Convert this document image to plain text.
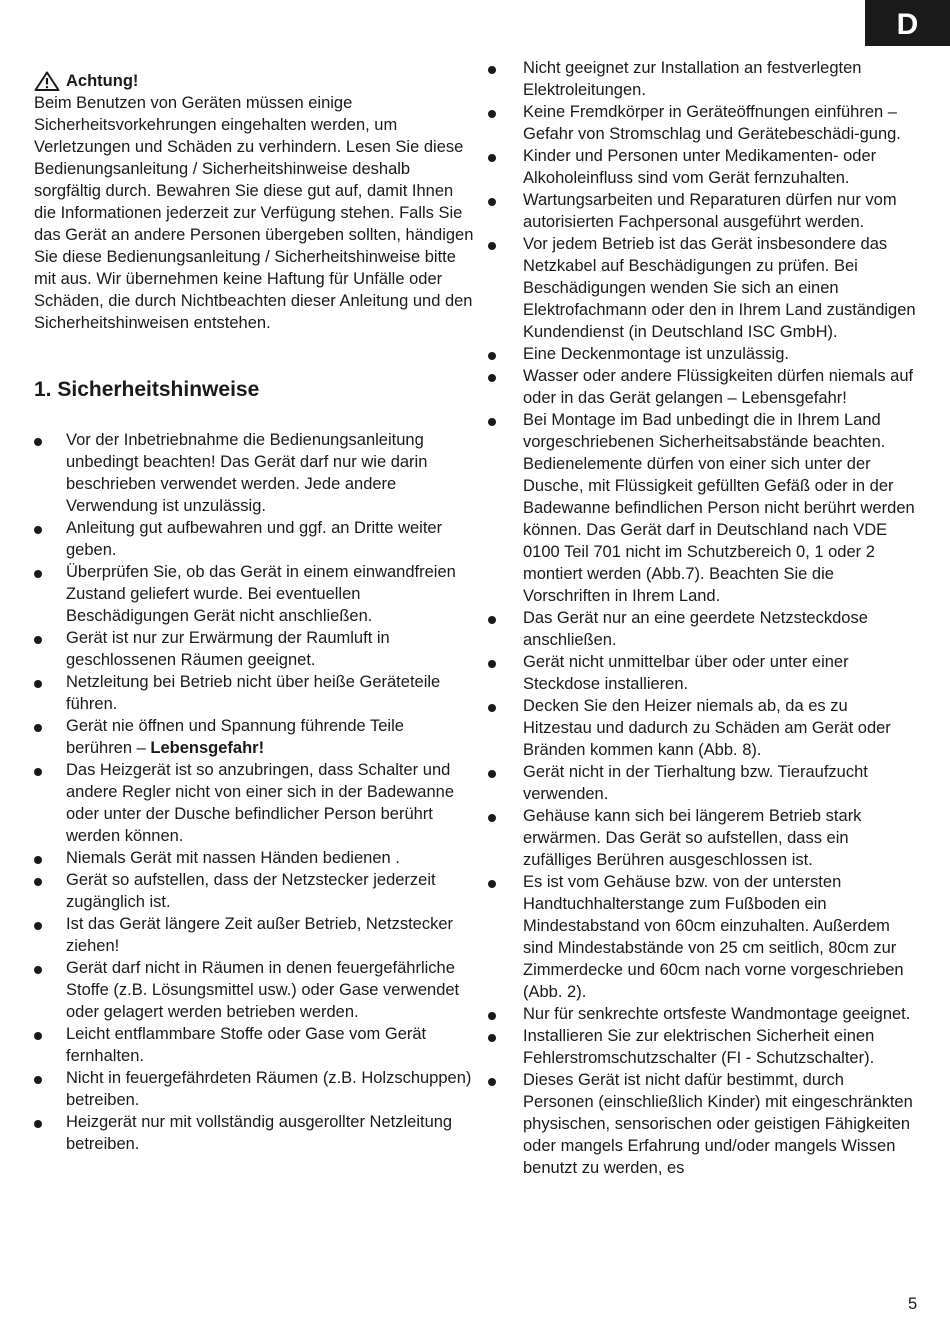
D
Achtung!

Beim Benutzen von Geräten müssen einige Sicherheitsvorkehrungen eingehalten werden, um Verletzungen und Schäden zu verhindern. Lesen Sie diese Bedienungsanleitung / Sicherheitshinweise deshalb sorgfältig durch. Bewahren Sie diese gut auf, damit Ihnen die Informationen jederzeit zur Verfügung stehen. Falls Sie das Gerät an andere Personen übergeben sollten, händigen Sie diese Bedienungsanleitung / Sicherheitshinweise bitte mit aus. Wir übernehmen keine Haftung für Unfälle oder Schäden, die durch Nichtbeachten dieser Anleitung und den Sicherheitshinweisen entstehen.

1. Sicherheitshinweise
Vor der Inbetriebnahme die Bedienungsanleitung unbedingt beachten! Das Gerät darf nur wie darin beschrieben verwendet werden. Jede andere Verwendung ist unzulässig.
Anleitung gut aufbewahren und ggf. an Dritte weiter geben.
Überprüfen Sie, ob das Gerät in einem einwandfreien Zustand geliefert wurde. Bei eventuellen Beschädigungen Gerät nicht anschließen.
Gerät ist nur zur Erwärmung der Raumluft in geschlossenen Räumen geeignet.
Netzleitung bei Betrieb nicht über heiße Geräteteile führen.
Gerät nie öffnen und Spannung führende Teile berühren – Lebensgefahr!
Das Heizgerät ist so anzubringen, dass Schalter und andere Regler nicht von einer sich in der Badewanne oder unter der Dusche befindlicher Person berührt werden können.
Niemals Gerät mit nassen Händen bedienen .
Gerät so aufstellen, dass der Netzstecker jederzeit zugänglich ist.
Ist das Gerät längere Zeit außer Betrieb, Netzstecker ziehen!
Gerät darf nicht in Räumen in denen feuergefährliche Stoffe (z.B. Lösungsmittel usw.) oder Gase verwendet oder gelagert werden betrieben werden.
Leicht entflammbare Stoffe oder Gase vom Gerät fernhalten.
Nicht in feuergefährdeten Räumen (z.B. Holzschuppen) betreiben.
Heizgerät nur mit vollständig ausgerollter Netzleitung betreiben.
Nicht geeignet zur Installation an festverlegten Elektroleitungen.
Keine Fremdkörper in Geräteöffnungen einführen – Gefahr von Stromschlag und Gerätebeschädi-gung.
Kinder und Personen unter Medikamenten- oder Alkoholeinfluss sind vom Gerät fernzuhalten.
Wartungsarbeiten und Reparaturen dürfen nur vom autorisierten Fachpersonal ausgeführt werden.
Vor jedem Betrieb ist das Gerät insbesondere das Netzkabel auf Beschädigungen zu prüfen. Bei Beschädigungen wenden Sie sich an einen Elektrofachmann oder den in Ihrem Land zuständigen Kundendienst (in Deutschland ISC GmbH).
Eine Deckenmontage ist unzulässig.
Wasser oder andere Flüssigkeiten dürfen niemals auf oder in das Gerät gelangen – Lebensgefahr!
Bei Montage im Bad unbedingt die in Ihrem Land vorgeschriebenen Sicherheitsabstände beachten. Bedienelemente dürfen von einer sich unter der Dusche, mit Flüssigkeit gefüllten Gefäß oder in der Badewanne befindlichen Person nicht berührt werden können. Das Gerät darf in Deutschland nach VDE 0100 Teil 701 nicht im Schutzbereich 0, 1 oder 2 montiert werden (Abb.7). Beachten Sie die Vorschriften in Ihrem Land.
Das Gerät nur an eine geerdete Netzsteckdose anschließen.
Gerät nicht unmittelbar über oder unter einer Steckdose installieren.
Decken Sie den Heizer niemals ab, da es zu Hitzestau und dadurch zu Schäden am Gerät oder Bränden kommen kann (Abb. 8).
Gerät nicht in der Tierhaltung bzw. Tieraufzucht verwenden.
Gehäuse kann sich bei längerem Betrieb stark erwärmen. Das Gerät so aufstellen, dass ein zufälliges Berühren ausgeschlossen ist.
Es ist vom Gehäuse bzw. von der untersten Handtuchhalterstange zum Fußboden ein Mindestabstand von 60cm einzuhalten. Außerdem sind Mindestabstände von 25 cm seitlich, 80cm zur Zimmerdecke und 60cm nach vorne vorgeschrieben (Abb. 2).
Nur für senkrechte ortsfeste Wandmontage geeignet.
Installieren Sie zur elektrischen Sicherheit einen Fehlerstromschutzschalter (FI - Schutzschalter).
Dieses Gerät ist nicht dafür bestimmt, durch Personen (einschließlich Kinder) mit eingeschränkten physischen, sensorischen oder geistigen Fähigkeiten oder mangels Erfahrung und/oder mangels Wissen benutzt zu werden, es
5
